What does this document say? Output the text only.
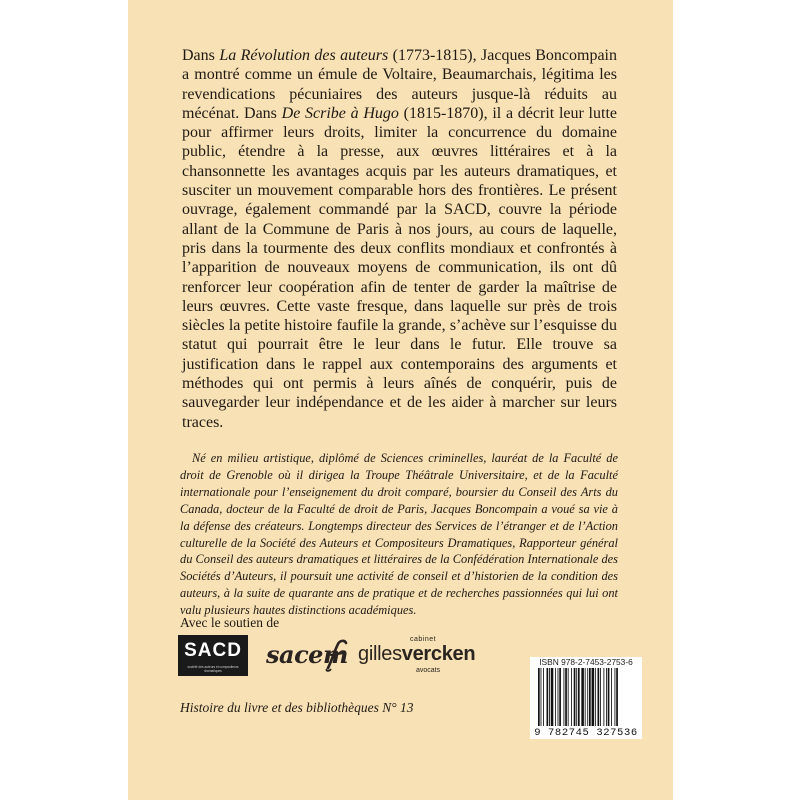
Dans La Révolution des auteurs (1773-1815), Jacques Boncompain a montré comme un émule de Voltaire, Beaumarchais, légitima les revendications pécuniaires des auteurs jusque-là réduits au mécénat. Dans De Scribe à Hugo (1815-1870), il a décrit leur lutte pour affirmer leurs droits, limiter la concurrence du domaine public, étendre à la presse, aux œuvres littéraires et à la chansonnette les avantages acquis par les auteurs dramatiques, et susciter un mouvement comparable hors des frontières. Le présent ouvrage, également commandé par la SACD, couvre la période allant de la Commune de Paris à nos jours, au cours de laquelle, pris dans la tourmente des deux conflits mondiaux et confrontés à l’apparition de nouveaux moyens de communication, ils ont dû renforcer leur coopération afin de tenter de garder la maîtrise de leurs œuvres. Cette vaste fresque, dans laquelle sur près de trois siècles la petite histoire faufile la grande, s’achève sur l’esquisse du statut qui pourrait être le leur dans le futur. Elle trouve sa justification dans le rappel aux contemporains des arguments et méthodes qui ont permis à leurs aînés de conquérir, puis de sauvegarder leur indépendance et de les aider à marcher sur leurs traces.

Né en milieu artistique, diplômé de Sciences criminelles, lauréat de la Faculté de droit de Grenoble où il dirigea la Troupe Théâtrale Universitaire, et de la Faculté internationale pour l’enseignement du droit comparé, boursier du Conseil des Arts du Canada, docteur de la Faculté de droit de Paris, Jacques Boncompain a voué sa vie à la défense des créateurs. Longtemps directeur des Services de l’étranger et de l’Action culturelle de la Société des Auteurs et Compositeurs Dramatiques, Rapporteur général du Conseil des auteurs dramatiques et littéraires de la Confédération Internationale des Sociétés d’Auteurs, il poursuit une activité de conseil et d’historien de la condition des auteurs, à la suite de quarante ans de pratique et de recherches passionnées qui lui ont valu plusieurs hautes distinctions académiques.

Avec le soutien de
SACD
société des auteurs et compositeurs dramatiques
sacem
cabinet
gillesvercken
avocats
Histoire du livre et des bibliothèques N° 13
ISBN 978-2-7453-2753-6
9 782745 327536
